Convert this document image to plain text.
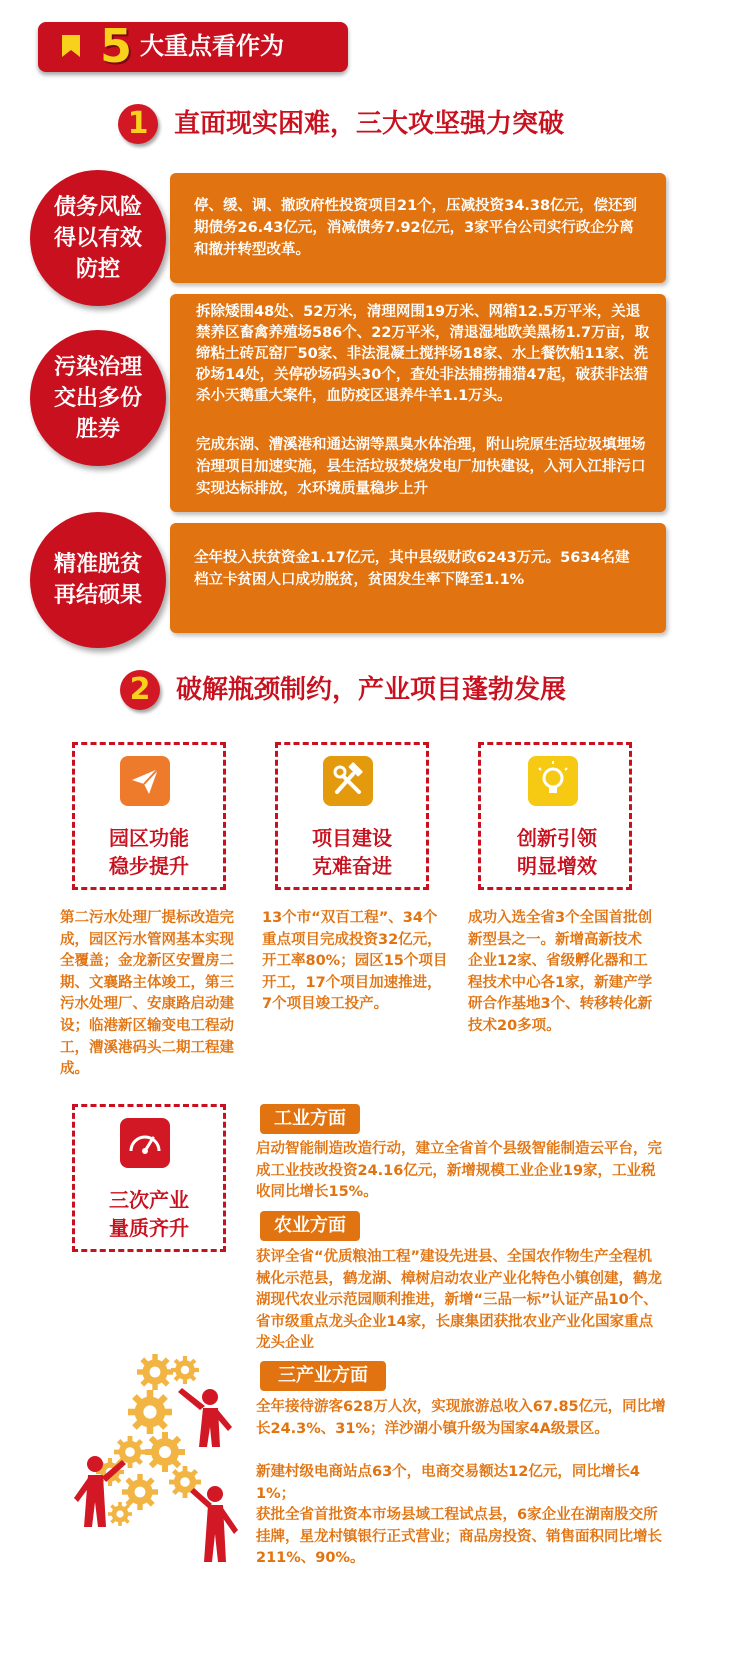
5 大重点看作为
1 直面现实困难，三大攻坚强力突破
债务风险
得以有效
防控
停、缓、调、撤政府性投资项目21个，压减投资34.38亿元，偿还到期债务26.43亿元，消减债务7.92亿元，3家平台公司实行政企分离和撤并转型改革。
污染治理
交出多份
胜券
拆除矮围48处、52万米，清理网围19万米、网箱12.5万平米，关退禁养区畜禽养殖场586个、22万平米，清退湿地欧美黑杨1.7万亩，取缔粘土砖瓦窑厂50家、非法混凝土搅拌场18家、水上餐饮船11家、洗砂场14处，关停砂场码头30个，查处非法捕捞捕猎47起，破获非法猎杀小天鹅重大案件，血防疫区退养牛羊1.1万头。
完成东湖、漕溪港和通达湖等黑臭水体治理，附山垸原生活垃圾填埋场治理项目加速实施，县生活垃圾焚烧发电厂加快建设，入河入江排污口实现达标排放，水环境质量稳步上升
精准脱贫
再结硕果
全年投入扶贫资金1.17亿元，其中县级财政6243万元。5634名建档立卡贫困人口成功脱贫，贫困发生率下降至1.1%
2 破解瓶颈制约，产业项目蓬勃发展
园区功能
稳步提升
第二污水处理厂提标改造完成，园区污水管网基本实现全覆盖；金龙新区安置房二期、文襄路主体竣工，第三污水处理厂、安康路启动建设；临港新区输变电工程动工，漕溪港码头二期工程建成。
项目建设
克难奋进
13个市“双百工程”、34个重点项目完成投资32亿元，开工率80%；园区15个项目开工，17个项目加速推进，7个项目竣工投产。
创新引领
明显增效
成功入选全省3个全国首批创新型县之一。新增高新技术企业12家、省级孵化器和工程技术中心各1家，新建产学研合作基地3个、转移转化新技术20多项。
三次产业
量质齐升
工业方面
启动智能制造改造行动，建立全省首个县级智能制造云平台，完成工业技改投资24.16亿元，新增规模工业企业19家，工业税收同比增长15%。
农业方面
获评全省“优质粮油工程”建设先进县、全国农作物生产全程机械化示范县，鹤龙湖、樟树启动农业产业化特色小镇创建，鹤龙湖现代农业示范园顺利推进，新增“三品一标”认证产品10个、省市级重点龙头企业14家，长康集团获批农业产业化国家重点龙头企业
三产业方面
全年接待游客628万人次，实现旅游总收入67.85亿元，同比增长24.3%、31%；洋沙湖小镇升级为国家4A级景区。
新建村级电商站点63个，电商交易额达12亿元，同比增长41%；
获批全省首批资本市场县域工程试点县，6家企业在湖南股交所挂牌，星龙村镇银行正式营业；商品房投资、销售面积同比增长211%、90%。
